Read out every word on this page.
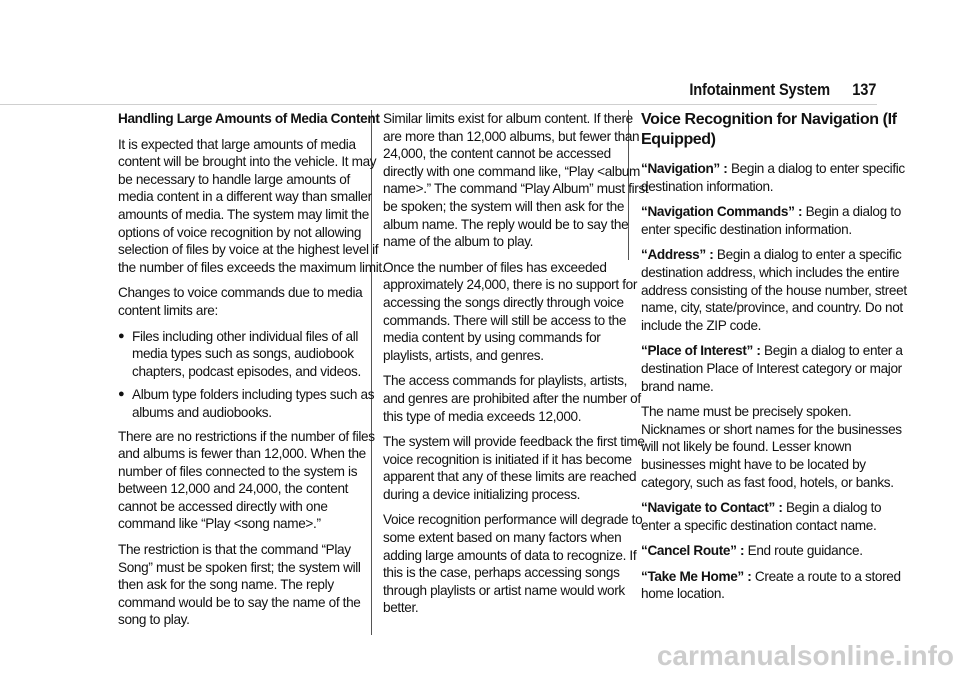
Infotainment System 137
Handling Large Amounts of Media Content

It is expected that large amounts of media content will be brought into the vehicle. It may be necessary to handle large amounts of media content in a different way than smaller amounts of media. The system may limit the options of voice recognition by not allowing selection of files by voice at the highest level if the number of files exceeds the maximum limit.

Changes to voice commands due to media content limits are:

● Files including other individual files of all media types such as songs, audiobook chapters, podcast episodes, and videos.
● Album type folders including types such as albums and audiobooks.

There are no restrictions if the number of files and albums is fewer than 12,000. When the number of files connected to the system is between 12,000 and 24,000, the content cannot be accessed directly with one command like “Play <song name>.”

The restriction is that the command “Play Song” must be spoken first; the system will then ask for the song name. The reply command would be to say the name of the song to play.

Similar limits exist for album content. If there are more than 12,000 albums, but fewer than 24,000, the content cannot be accessed directly with one command like, “Play <album name>.” The command “Play Album” must first be spoken; the system will then ask for the album name. The reply would be to say the name of the album to play.

Once the number of files has exceeded approximately 24,000, there is no support for accessing the songs directly through voice commands. There will still be access to the media content by using commands for playlists, artists, and genres.

The access commands for playlists, artists, and genres are prohibited after the number of this type of media exceeds 12,000.

The system will provide feedback the first time voice recognition is initiated if it has become apparent that any of these limits are reached during a device initializing process.

Voice recognition performance will degrade to some extent based on many factors when adding large amounts of data to recognize. If this is the case, perhaps accessing songs through playlists or artist name would work better.

Voice Recognition for Navigation (If Equipped)

“Navigation” : Begin a dialog to enter specific destination information.

“Navigation Commands” : Begin a dialog to enter specific destination information.

“Address” : Begin a dialog to enter a specific destination address, which includes the entire address consisting of the house number, street name, city, state/province, and country. Do not include the ZIP code.

“Place of Interest” : Begin a dialog to enter a destination Place of Interest category or major brand name.

The name must be precisely spoken. Nicknames or short names for the businesses will not likely be found. Lesser known businesses might have to be located by category, such as fast food, hotels, or banks.

“Navigate to Contact” : Begin a dialog to enter a specific destination contact name.

“Cancel Route” : End route guidance.

“Take Me Home” : Create a route to a stored home location.

carmanualsonline.info
